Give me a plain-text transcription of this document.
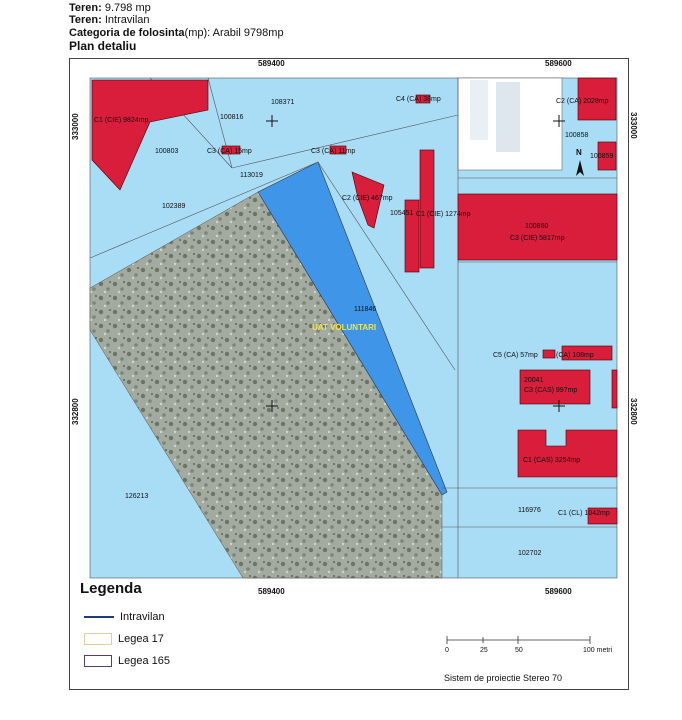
Teren: 9.798 mp
Teren: Intravilan
Categoria de folosinta(mp): Arabil 9798mp
Plan detaliu
N
589400	589600
589400	589600
333000
332800
333000
332800
108371
100816
100803
113019
102389
100858
100859
105451
100860
111846
20041
126213
116976
102702
C1 (CIE) 9824mp
C4 (CA) 38mp	C2 (CA) 2028mp
C3 (CA) 15mp	C3 (CA) 11mp
C2 (CIE) 467mp
C1 (CIE) 1274mp
C3 (CIE) 5817mp
C5 (CA) 57mp	(CA) 108mp
C3 (CAS) 997mp
C1 (CAS) 3254mp
C1 (CL) 1042mp
UAT VOLUNTARI
0	25	50	100 metri
Legenda
Intravilan
Legea 17
Legea 165
Sistem de proiectie Stereo 70
